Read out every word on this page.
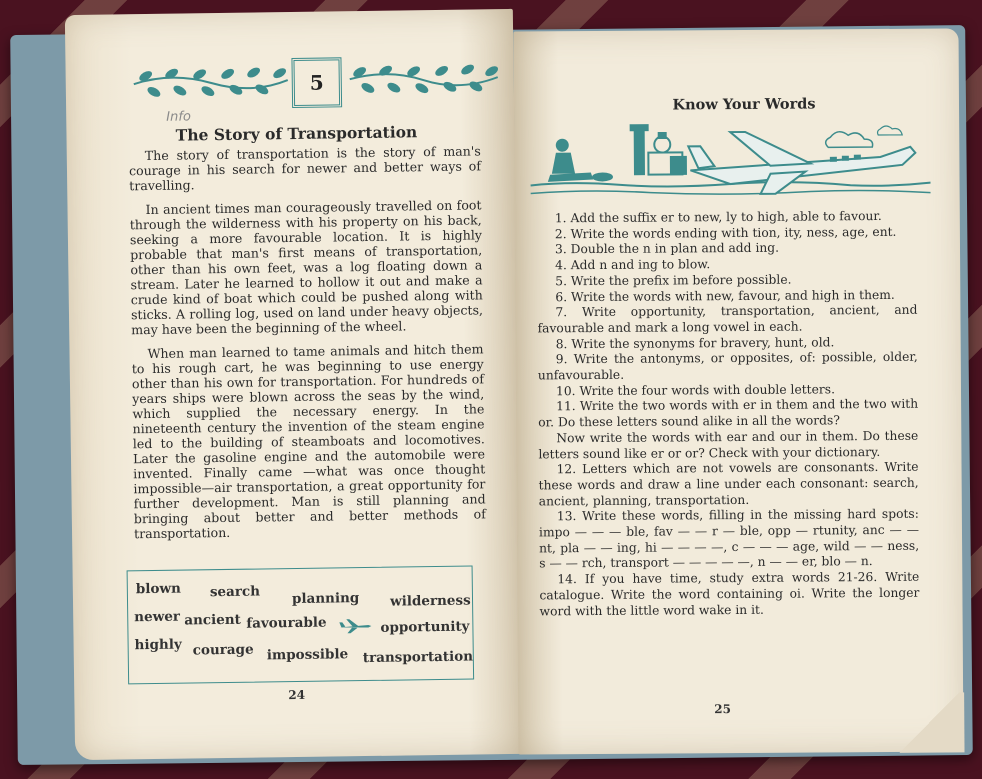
5
Info
The Story of Transportation

The story of transportation is the story of man's courage in his search for newer and better ways of travelling.

In ancient times man courageously travelled on foot through the wilderness with his property on his back, seeking a more favourable location. It is highly probable that man's first means of transportation, other than his own feet, was a log floating down a stream. Later he learned to hollow it out and make a crude kind of boat which could be pushed along with sticks. A rolling log, used on land under heavy objects, may have been the beginning of the wheel.

When man learned to tame animals and hitch them to his rough cart, he was beginning to use energy other than his own for transportation. For hundreds of years ships were blown across the seas by the wind, which supplied the necessary energy. In the nineteenth century the invention of the steam engine led to the building of steamboats and locomotives. Later the gasoline engine and the automobile were invented. Finally came —what was once thought impossible—air transportation, a great opportunity for further development. Man is still planning and bringing about better and better methods of transportation.

blown search planning wilderness
newer ancient favourable	opportunity
highly courage impossible transportation
24
Know Your Words

1. Add the suffix er to new, ly to high, able to favour.

2. Write the words ending with tion, ity, ness, age, ent.

3. Double the n in plan and add ing.

4. Add n and ing to blow.

5. Write the prefix im before possible.

6. Write the words with new, favour, and high in them.

7. Write opportunity, transportation, ancient, and favourable and mark a long vowel in each.

8. Write the synonyms for bravery, hunt, old.

9. Write the antonyms, or opposites, of: possible, older, unfavourable.

10. Write the four words with double letters.

11. Write the two words with er in them and the two with or. Do these letters sound alike in all the words?

Now write the words with ear and our in them. Do these letters sound like er or or? Check with your dictionary.

12. Letters which are not vowels are consonants. Write these words and draw a line under each consonant: search, ancient, planning, transportation.

13. Write these words, filling in the missing hard spots: impo — — — ble, fav — — r — ble, opp — rtunity, anc — — nt, pla — — ing, hi — — — —, c — — — age, wild — — ness, s — — rch, transport — — — — —, n — — er, blo — n.

14. If you have time, study extra words 21-26. Write catalogue. Write the word containing oi. Write the longer word with the little word wake in it.

25
